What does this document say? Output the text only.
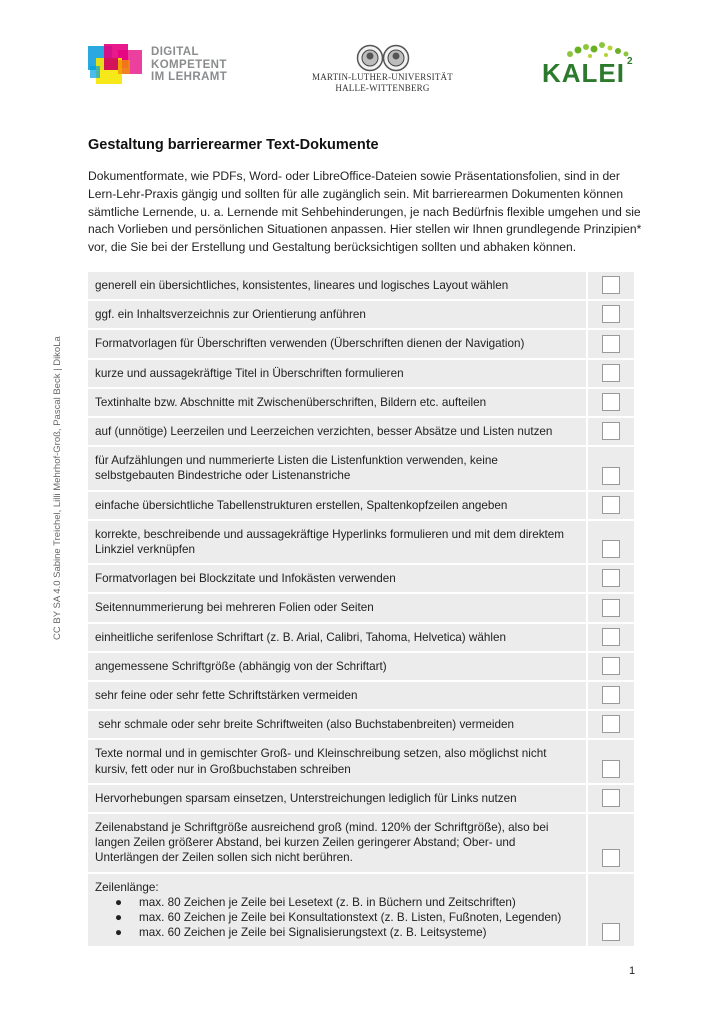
DIGITAL
KOMPETENT
IM LEHRAMT	MARTIN-LUTHER-UNIVERSITÄT
HALLE-WITTENBERG	KALEI 2
CC BY SA 4.0 Sabine Treichel, Lilli Mehrhof-Groß, Pascal Beck | DikoLa
Gestaltung barrierearmer Text-Dokumente
Dokumentformate, wie PDFs, Word- oder LibreOffice-Dateien sowie Präsentationsfolien, sind in der Lern-Lehr-Praxis gängig und sollten für alle zugänglich sein. Mit barrierearmen Dokumenten können sämtliche Lernende, u. a. Lernende mit Sehbehinderungen, je nach Bedürfnis flexible umgehen und sie nach Vorlieben und persönlichen Situationen anpassen. Hier stellen wir Ihnen grundlegende Prinzipien* vor, die Sie bei der Erstellung und Gestaltung berücksichtigen sollten und abhaken können.
generell ein übersichtliches, konsistentes, lineares und logisches Layout wählen
ggf. ein Inhaltsverzeichnis zur Orientierung anführen
Formatvorlagen für Überschriften verwenden (Überschriften dienen der Navigation)
kurze und aussagekräftige Titel in Überschriften formulieren
Textinhalte bzw. Abschnitte mit Zwischenüberschriften, Bildern etc. aufteilen
auf (unnötige) Leerzeilen und Leerzeichen verzichten, besser Absätze und Listen nutzen
für Aufzählungen und nummerierte Listen die Listenfunktion verwenden, keine selbstgebauten Bindestriche oder Listenanstriche
einfache übersichtliche Tabellenstrukturen erstellen, Spaltenkopfzeilen angeben
korrekte, beschreibende und aussagekräftige Hyperlinks formulieren und mit dem direktem Linkziel verknüpfen
Formatvorlagen bei Blockzitate und Infokästen verwenden
Seitennummerierung bei mehreren Folien oder Seiten
einheitliche serifenlose Schriftart (z. B. Arial, Calibri, Tahoma, Helvetica) wählen
angemessene Schriftgröße (abhängig von der Schriftart)
sehr feine oder sehr fette Schriftstärken vermeiden
sehr schmale oder sehr breite Schriftweiten (also Buchstabenbreiten) vermeiden
Texte normal und in gemischter Groß- und Kleinschreibung setzen, also möglichst nicht kursiv, fett oder nur in Großbuchstaben schreiben
Hervorhebungen sparsam einsetzen, Unterstreichungen lediglich für Links nutzen
Zeilenabstand je Schriftgröße ausreichend groß (mind. 120% der Schriftgröße), also bei langen Zeilen größerer Abstand, bei kurzen Zeilen geringerer Abstand; Ober- und Unterlängen der Zeilen sollen sich nicht berühren.
Zeilenlänge:
● max. 80 Zeichen je Zeile bei Lesetext (z. B. in Büchern und Zeitschriften)
● max. 60 Zeichen je Zeile bei Konsultationstext (z. B. Listen, Fußnoten, Legenden)
● max. 60 Zeichen je Zeile bei Signalisierungstext (z. B. Leitsysteme)
1
